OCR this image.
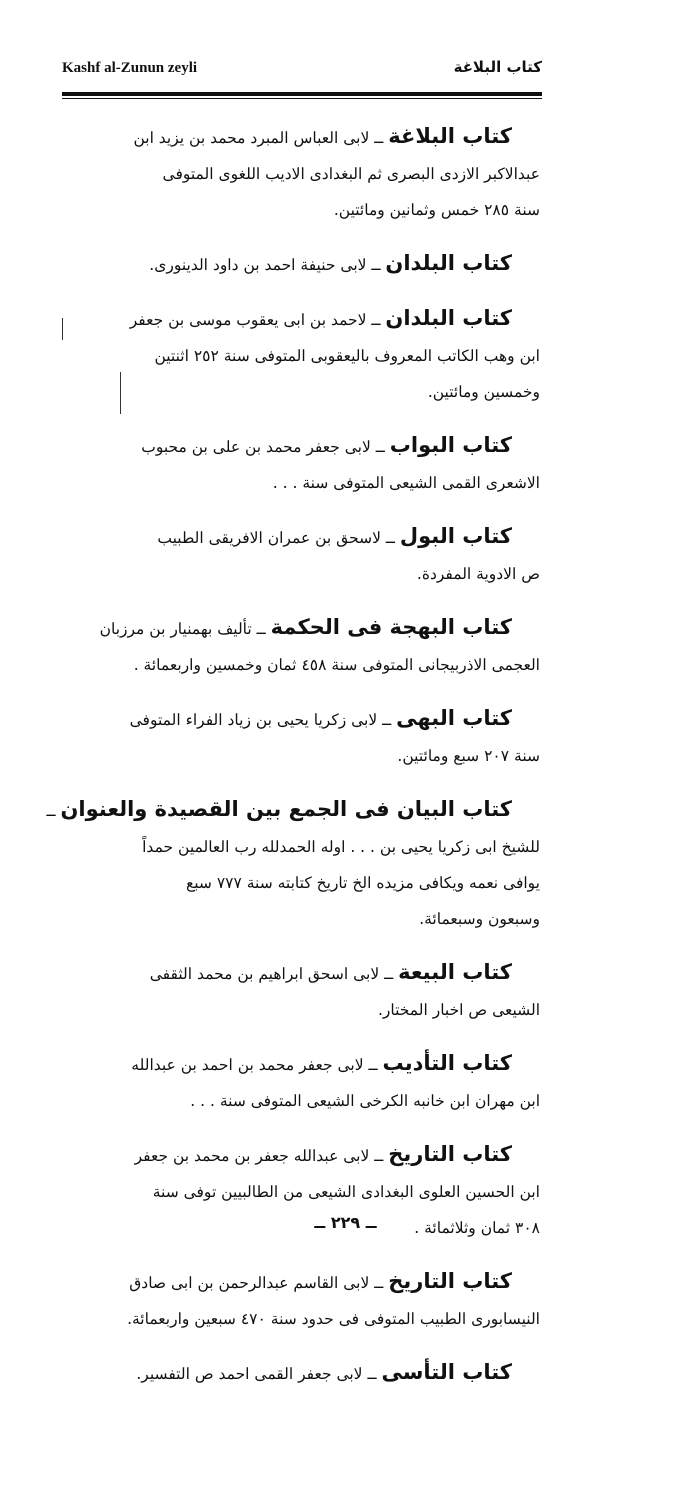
Kashf al-Zunun zeyli	كتاب البلاغة
كتاب البلاغة ــ لابى العباس المبرد محمد بن يزيد ابن
عبدالاكبر الازدى البصرى ثم البغدادى الاديب اللغوى المتوفى
سنة ٢٨٥ خمس وثمانين ومائتين.
كتاب البلدان ــ لابى حنيفة احمد بن داود الدينورى.
كتاب البلدان ــ لاحمد بن ابى يعقوب موسى بن جعفر
ابن وهب الكاتب المعروف باليعقوبى المتوفى سنة ٢٥٢ اثنتين
وخمسين ومائتين.
كتاب البواب ــ لابى جعفر محمد بن على بن محبوب
الاشعرى القمى الشيعى المتوفى سنة . . .
كتاب البول ــ لاسحق بن عمران الافريقى الطبيب
ص الادوية المفردة.
كتاب البهجة فى الحكمة ــ تأليف بهمنيار بن مرزبان
العجمى الاذربيجانى المتوفى سنة ٤٥٨ ثمان وخمسين واربعمائة .
كتاب البهى ــ لابى زكريا يحيى بن زياد الفراء المتوفى
سنة ٢٠٧ سبع ومائتين.
كتاب البيان فى الجمع بين القصيدة والعنوان ــ
للشيخ ابى زكريا يحيى بن . . . اوله الحمدلله رب العالمين حمداً
يوافى نعمه ويكافى مزيده الخ تاريخ كتابته سنة ٧٧٧ سبع
وسبعون وسبعمائة.
كتاب البيعة ــ لابى اسحق ابراهيم بن محمد الثقفى
الشيعى ص اخبار المختار.
كتاب التأديب ــ لابى جعفر محمد بن احمد بن عبدالله
ابن مهران ابن خانبه الكرخى الشيعى المتوفى سنة . . .
كتاب التاريخ ــ لابى عبدالله جعفر بن محمد بن جعفر
ابن الحسين العلوى البغدادى الشيعى من الطالبيين توفى سنة
٣٠٨ ثمان وثلاثمائة .
كتاب التاريخ ــ لابى القاسم عبدالرحمن بن ابى صادق
النيسابورى الطبيب المتوفى فى حدود سنة ٤٧٠ سبعين واربعمائة.
كتاب التأسى ــ لابى جعفر القمى احمد ص التفسير.
ــ ٢٢٩ ــ
